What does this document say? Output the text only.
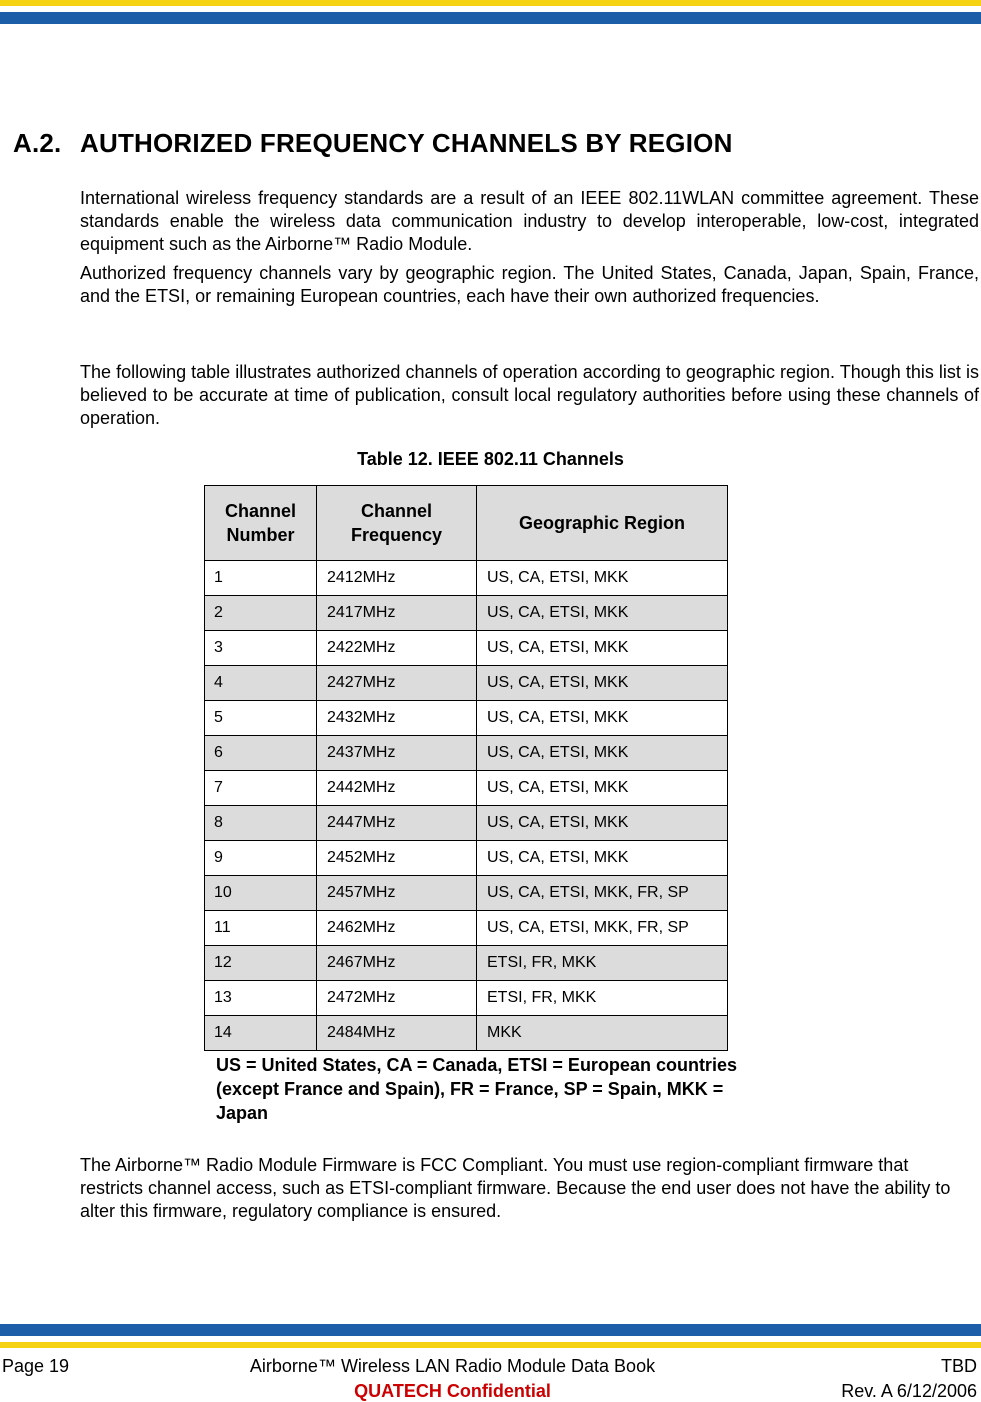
A.2. AUTHORIZED FREQUENCY CHANNELS BY REGION

International wireless frequency standards are a result of an IEEE 802.11WLAN committee agreement. These standards enable the wireless data communication industry to develop interoperable, low-cost, integrated equipment such as the Airborne™ Radio Module.

Authorized frequency channels vary by geographic region. The United States, Canada, Japan, Spain, France, and the ETSI, or remaining European countries, each have their own authorized frequencies.

The following table illustrates authorized channels of operation according to geographic region. Though this list is believed to be accurate at time of publication, consult local regulatory authorities before using these channels of operation.

Table 12. IEEE 802.11 Channels
Channel Number	Channel Frequency	Geographic Region
1	2412MHz	US, CA, ETSI, MKK
2	2417MHz	US, CA, ETSI, MKK
3	2422MHz	US, CA, ETSI, MKK
4	2427MHz	US, CA, ETSI, MKK
5	2432MHz	US, CA, ETSI, MKK
6	2437MHz	US, CA, ETSI, MKK
7	2442MHz	US, CA, ETSI, MKK
8	2447MHz	US, CA, ETSI, MKK
9	2452MHz	US, CA, ETSI, MKK
10	2457MHz	US, CA, ETSI, MKK, FR, SP
11	2462MHz	US, CA, ETSI, MKK, FR, SP
12	2467MHz	ETSI, FR, MKK
13	2472MHz	ETSI, FR, MKK
14	2484MHz	MKK

US = United States, CA = Canada, ETSI = European countries (except France and Spain), FR = France, SP = Spain, MKK = Japan

The Airborne™ Radio Module Firmware is FCC Compliant. You must use region-compliant firmware that restricts channel access, such as ETSI-compliant firmware. Because the end user does not have the ability to alter this firmware, regulatory compliance is ensured.

Page 19	Airborne™ Wireless LAN Radio Module Data Book	TBD
QUATECH Confidential	Rev. A 6/12/2006
